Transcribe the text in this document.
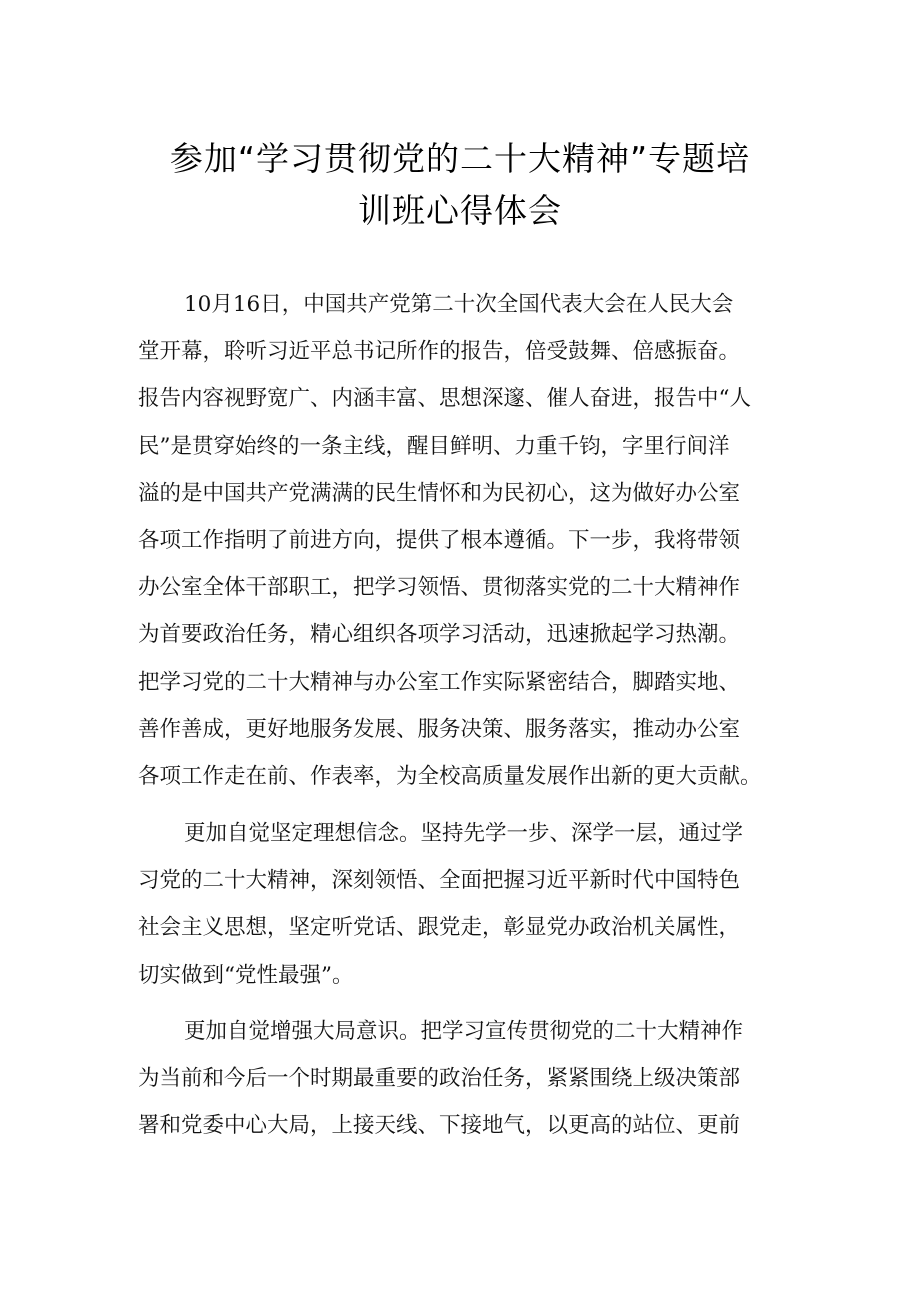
参加“学习贯彻党的二十大精神”专题培
训班心得体会
10月16日，中国共产党第二十次全国代表大会在人民大会
堂开幕，聆听习近平总书记所作的报告，倍受鼓舞、倍感振奋。
报告内容视野宽广、内涵丰富、思想深邃、催人奋进，报告中“人
民”是贯穿始终的一条主线，醒目鲜明、力重千钧，字里行间洋
溢的是中国共产党满满的民生情怀和为民初心，这为做好办公室
各项工作指明了前进方向，提供了根本遵循。下一步，我将带领
办公室全体干部职工，把学习领悟、贯彻落实党的二十大精神作
为首要政治任务，精心组织各项学习活动，迅速掀起学习热潮。
把学习党的二十大精神与办公室工作实际紧密结合，脚踏实地、
善作善成，更好地服务发展、服务决策、服务落实，推动办公室
各项工作走在前、作表率，为全校高质量发展作出新的更大贡献。
更加自觉坚定理想信念。坚持先学一步、深学一层，通过学
习党的二十大精神，深刻领悟、全面把握习近平新时代中国特色
社会主义思想，坚定听党话、跟党走，彰显党办政治机关属性，
切实做到“党性最强”。
更加自觉增强大局意识。把学习宣传贯彻党的二十大精神作
为当前和今后一个时期最重要的政治任务，紧紧围绕上级决策部
署和党委中心大局，上接天线、下接地气，以更高的站位、更前
